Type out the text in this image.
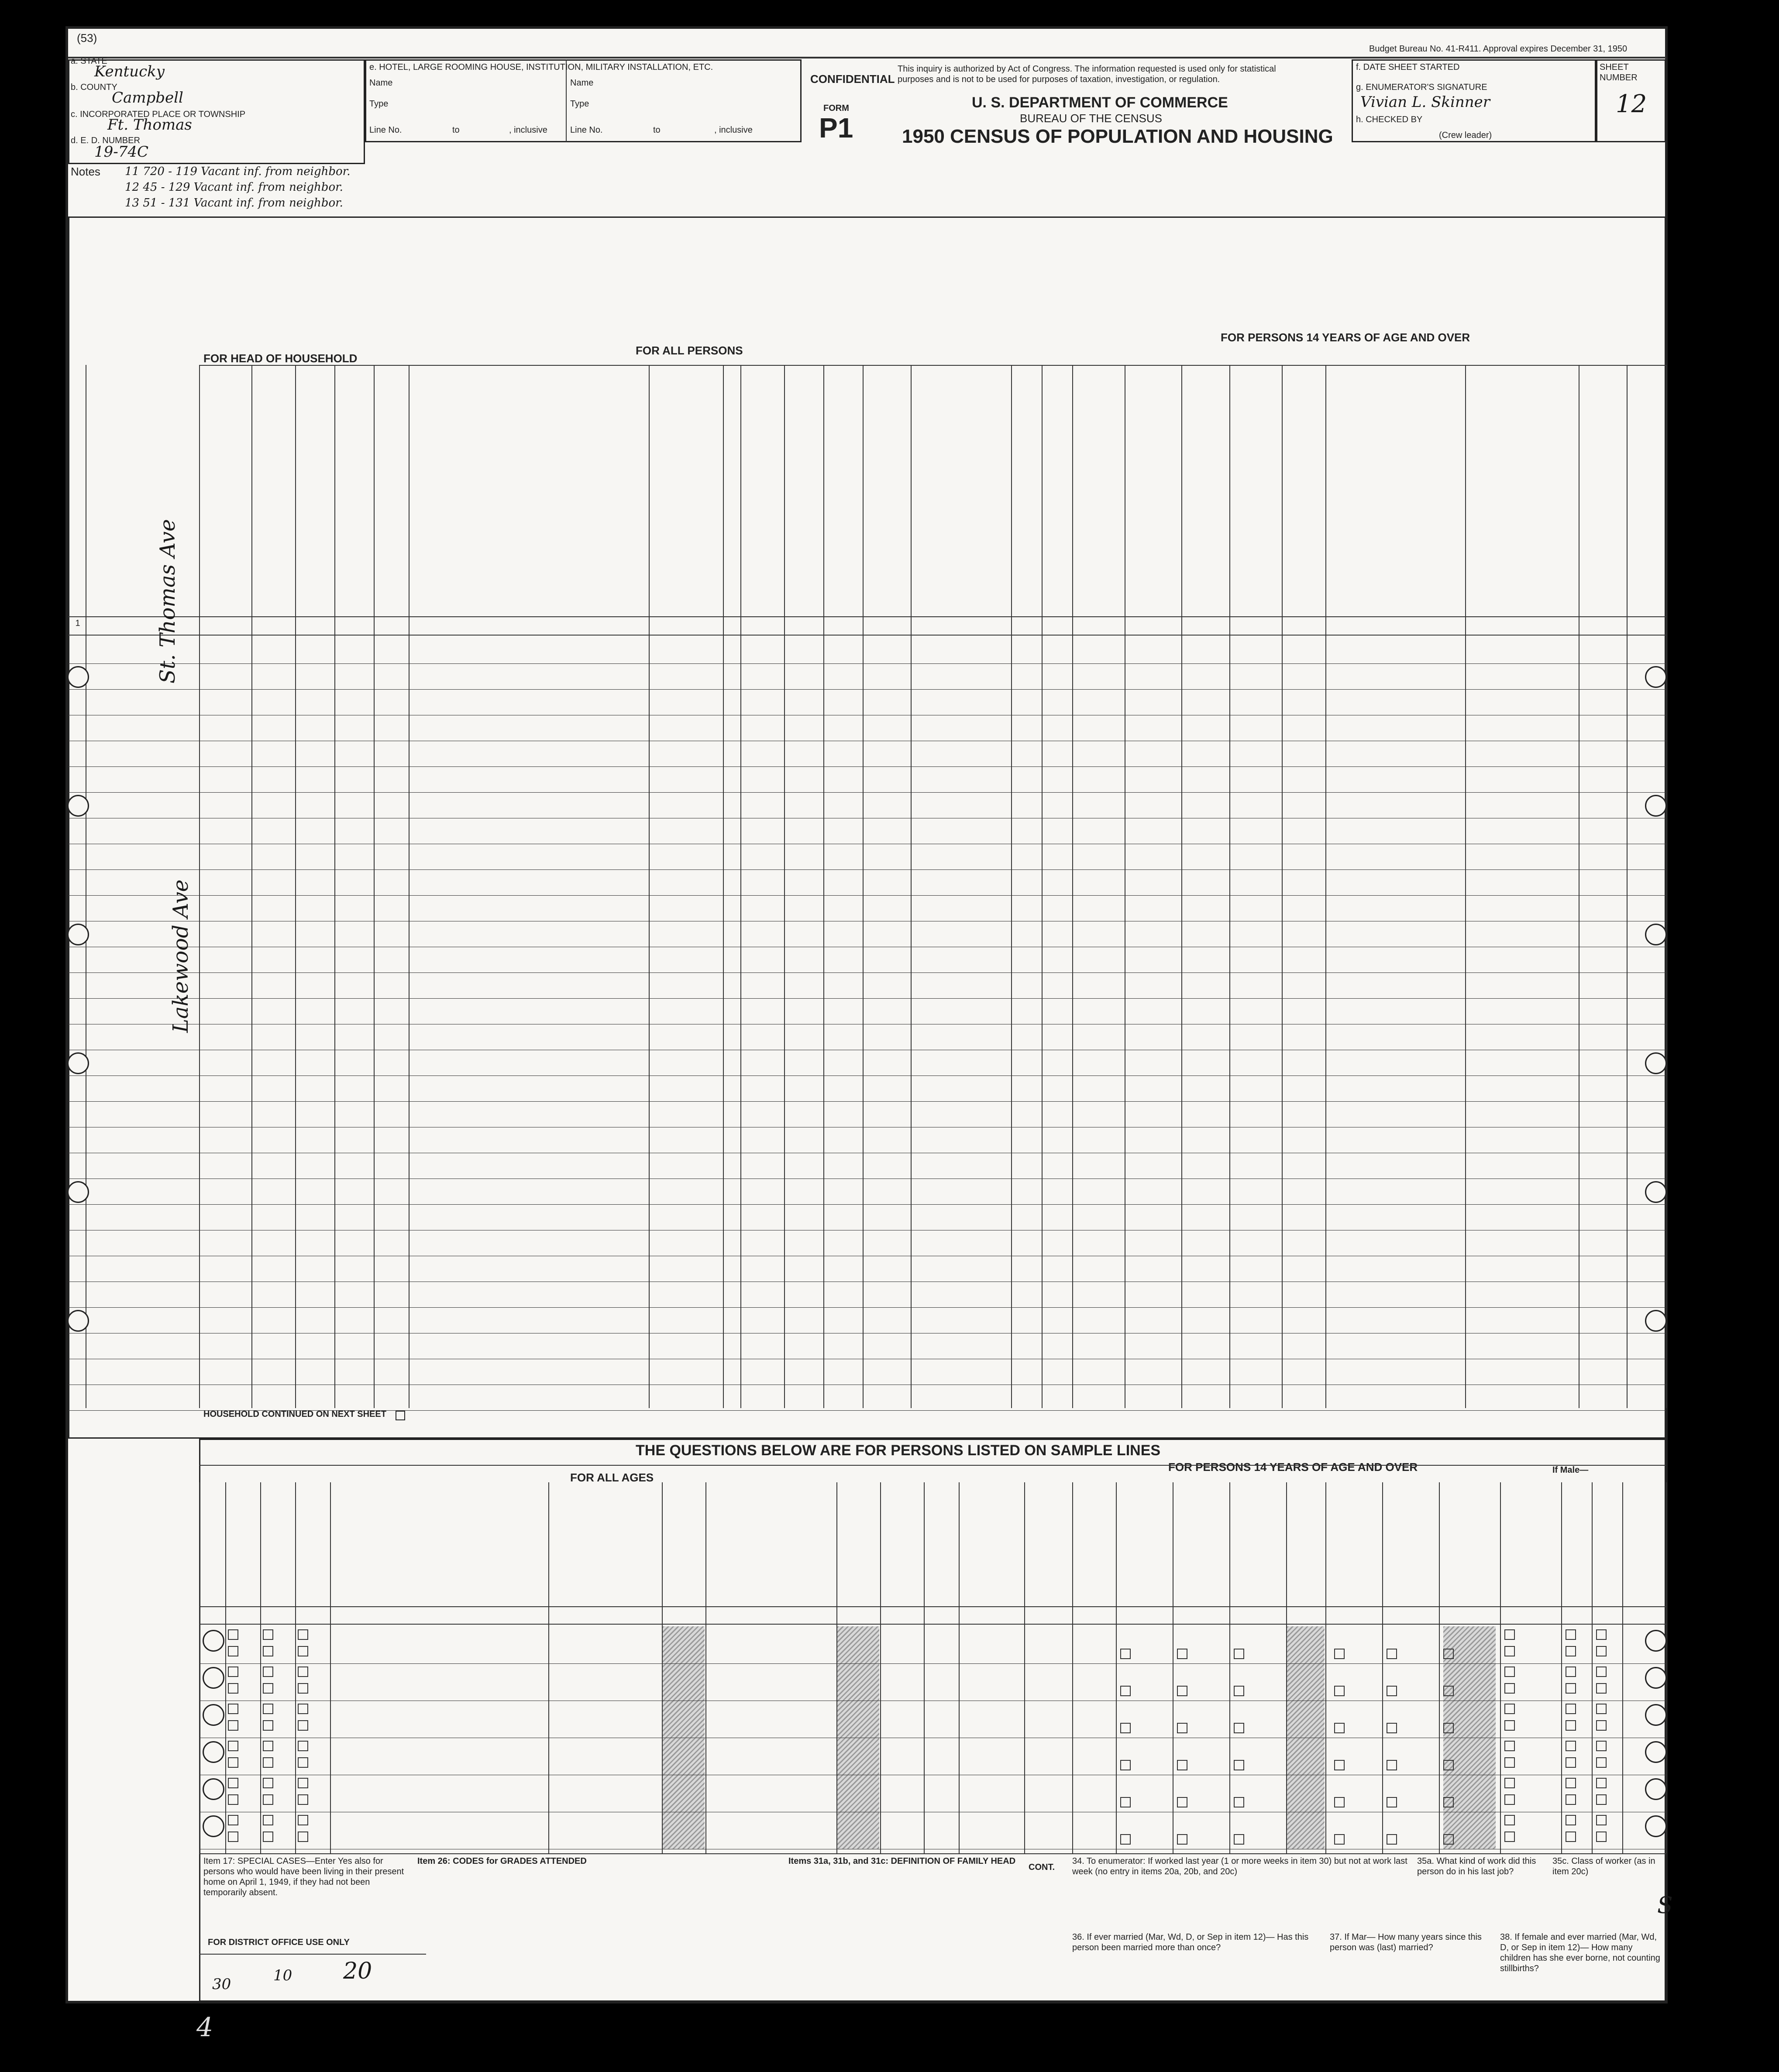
(53)
Budget Bureau No. 41-R411. Approval expires December 31, 1950
a. STATE
Kentucky
b. COUNTY
Campbell
c. INCORPORATED PLACE OR TOWNSHIP
Ft. Thomas
d. E. D. NUMBER
19-74C
e. HOTEL, LARGE ROOMING HOUSE, INSTITUTION, MILITARY INSTALLATION, ETC.
Name	Name
Type	Type
Line No.	to	, inclusive	Line No.	to	, inclusive
CONFIDENTIAL
This inquiry is authorized by Act of Congress. The information requested is used only for statistical purposes and is not to be used for purposes of taxation, investigation, or regulation.
FORM
P1
U. S. DEPARTMENT OF COMMERCE
BUREAU OF THE CENSUS
1950 CENSUS OF POPULATION AND HOUSING
f. DATE SHEET STARTED
g. ENUMERATOR'S SIGNATURE
Vivian L. Skinner
h. CHECKED BY
(Crew leader)
SHEET NUMBER
12
Notes 11 720 - 119 Vacant inf. from neighbor.
12 45 - 129 Vacant inf. from neighbor.
13 51 - 131 Vacant inf. from neighbor.
FOR HEAD OF HOUSEHOLD
FOR ALL PERSONS
FOR PERSONS 14 YEARS OF AGE AND OVER
1
HOUSEHOLD CONTINUED ON NEXT SHEET
THE QUESTIONS BELOW ARE FOR PERSONS LISTED ON SAMPLE LINES
FOR ALL AGES
FOR PERSONS 14 YEARS OF AGE AND OVER	If Male—
Item 17: SPECIAL CASES—Enter Yes also for persons who would have been living in their present home on April 1, 1949, if they had not been temporarily absent.
Item 26: CODES for GRADES ATTENDED	Items 31a, 31b, and 31c: DEFINITION OF FAMILY HEAD
CONT.
34. To enumerator: If worked last year (1 or more weeks in item 30) but not at work last week (no entry in items 20a, 20b, and 20c)
35a. What kind of work did this person do in his last job?
35c. Class of worker (as in item 20c)
36. If ever married (Mar, Wd, D, or Sep in item 12)— Has this person been married more than once?
37. If Mar— How many years since this person was (last) married?
38. If female and ever married (Mar, Wd, D, or Sep in item 12)— How many children has she ever borne, not counting stillbirths?
FOR DISTRICT OFFICE USE ONLY
30	10 20
St. Thomas Ave
Lakewood Ave
S
4
